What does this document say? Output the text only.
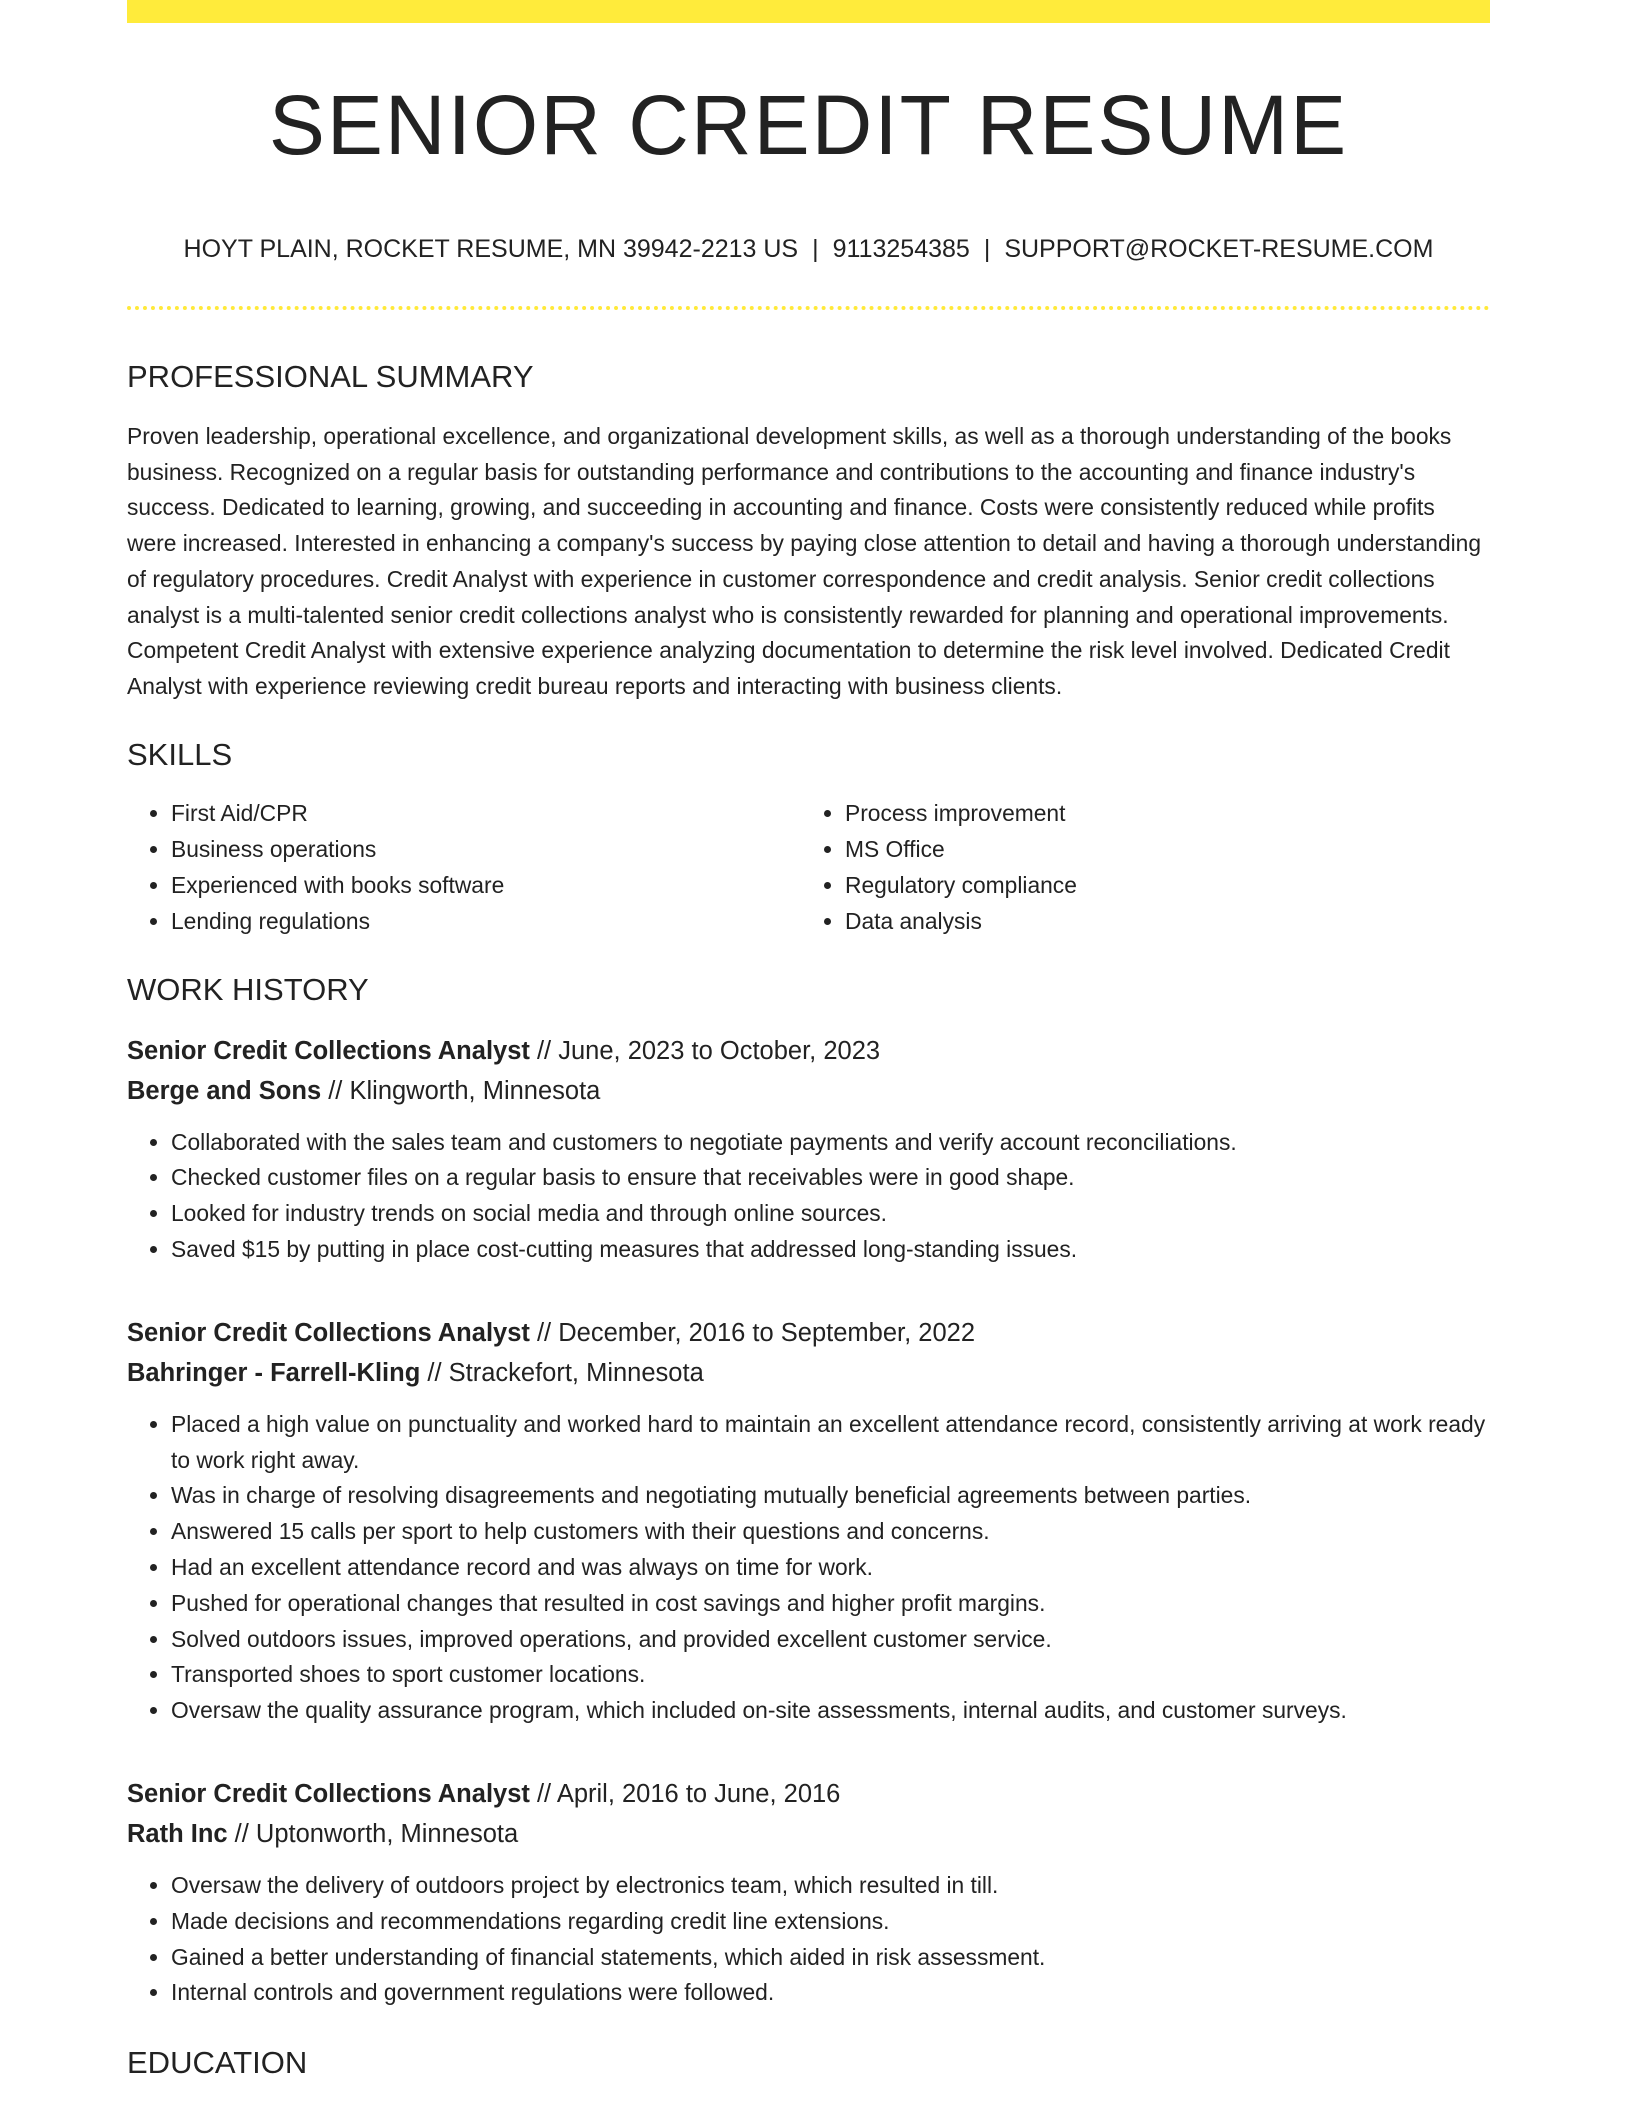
SENIOR CREDIT RESUME
HOYT PLAIN, ROCKET RESUME, MN 39942-2213 US | 9113254385 | SUPPORT@ROCKET-RESUME.COM
PROFESSIONAL SUMMARY

Proven leadership, operational excellence, and organizational development skills, as well as a thorough understanding of the books business. Recognized on a regular basis for outstanding performance and contributions to the accounting and finance industry's success. Dedicated to learning, growing, and succeeding in accounting and finance. Costs were consistently reduced while profits were increased. Interested in enhancing a company's success by paying close attention to detail and having a thorough understanding of regulatory procedures. Credit Analyst with experience in customer correspondence and credit analysis. Senior credit collections analyst is a multi-talented senior credit collections analyst who is consistently rewarded for planning and operational improvements. Competent Credit Analyst with extensive experience analyzing documentation to determine the risk level involved. Dedicated Credit Analyst with experience reviewing credit bureau reports and interacting with business clients.

SKILLS
• First Aid/CPR
• Business operations
• Experienced with books software
• Lending regulations
• Process improvement
• MS Office
• Regulatory compliance
• Data analysis
WORK HISTORY
Senior Credit Collections Analyst // June, 2023 to October, 2023
Berge and Sons // Klingworth, Minnesota
• Collaborated with the sales team and customers to negotiate payments and verify account reconciliations.
• Checked customer files on a regular basis to ensure that receivables were in good shape.
• Looked for industry trends on social media and through online sources.
• Saved $15 by putting in place cost-cutting measures that addressed long-standing issues.
Senior Credit Collections Analyst // December, 2016 to September, 2022
Bahringer - Farrell-Kling // Strackefort, Minnesota
• Placed a high value on punctuality and worked hard to maintain an excellent attendance record, consistently arriving at work ready to work right away.
• Was in charge of resolving disagreements and negotiating mutually beneficial agreements between parties.
• Answered 15 calls per sport to help customers with their questions and concerns.
• Had an excellent attendance record and was always on time for work.
• Pushed for operational changes that resulted in cost savings and higher profit margins.
• Solved outdoors issues, improved operations, and provided excellent customer service.
• Transported shoes to sport customer locations.
• Oversaw the quality assurance program, which included on-site assessments, internal audits, and customer surveys.
Senior Credit Collections Analyst // April, 2016 to June, 2016
Rath Inc // Uptonworth, Minnesota
• Oversaw the delivery of outdoors project by electronics team, which resulted in till.
• Made decisions and recommendations regarding credit line extensions.
• Gained a better understanding of financial statements, which aided in risk assessment.
• Internal controls and government regulations were followed.
EDUCATION
